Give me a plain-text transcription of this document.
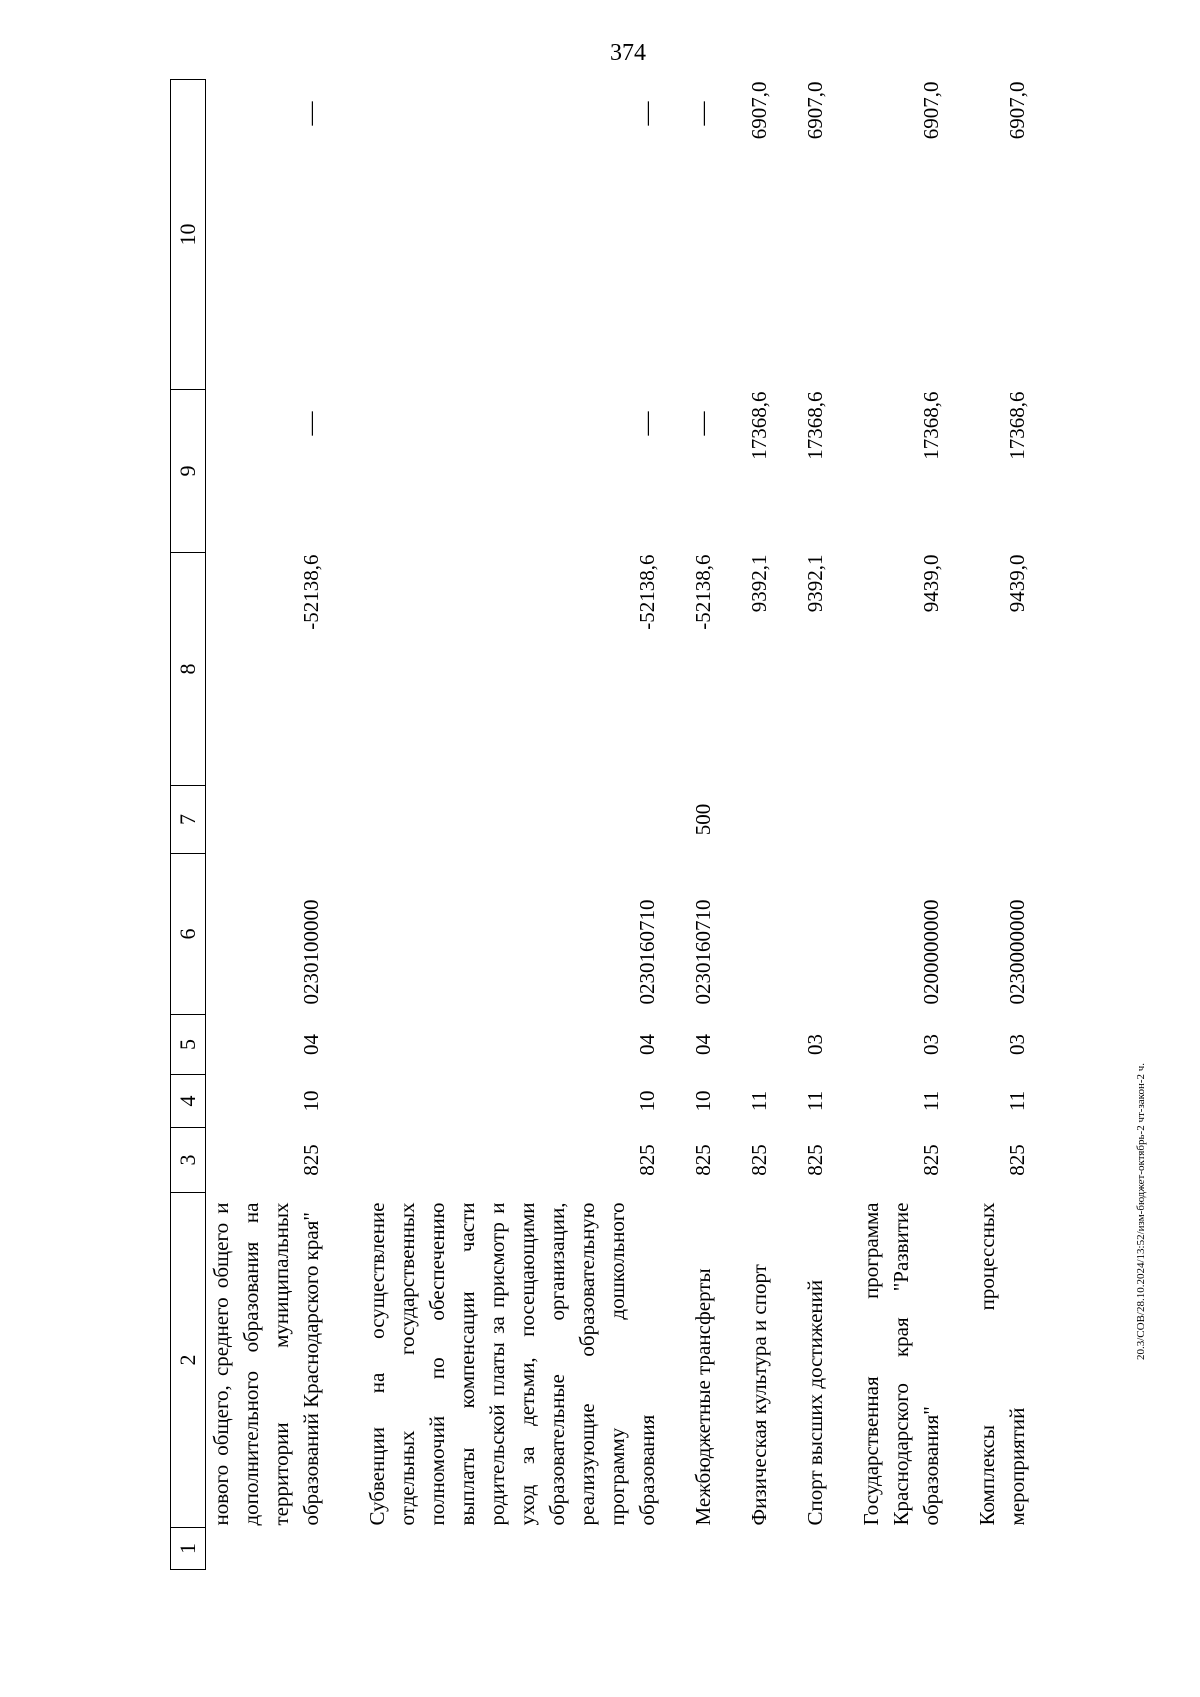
374
20.3/СОВ/28.10.2024/13:52/изм-бюджет-октябрь-2 чт-закон-2 ч.
1	2	3	4	5	6	7	8	9	10
	нового общего, среднего общего и дополнительного образования на территории муниципальных образований Краснодарского края"	825	10	04	0230100000		-52138,6	—	—
	Субвенции на осуществление отдельных государственных полномочий по обеспечению выплаты компенсации части родительской платы за присмотр и уход за детьми, посещающими образовательные организации, реализующие образовательную программу дошкольного образования	825	10	04	0230160710		-52138,6	—	—
	Межбюджетные трансферты	825	10	04	0230160710	500	-52138,6	—	—
	Физическая культура и спорт	825	11				9392,1	17368,6	6907,0
	Спорт высших достижений	825	11	03			9392,1	17368,6	6907,0
	Государственная программа Краснодарского края "Развитие образования"	825	11	03	0200000000		9439,0	17368,6	6907,0
	Комплексы процессных мероприятий	825	11	03	0230000000		9439,0	17368,6	6907,0
